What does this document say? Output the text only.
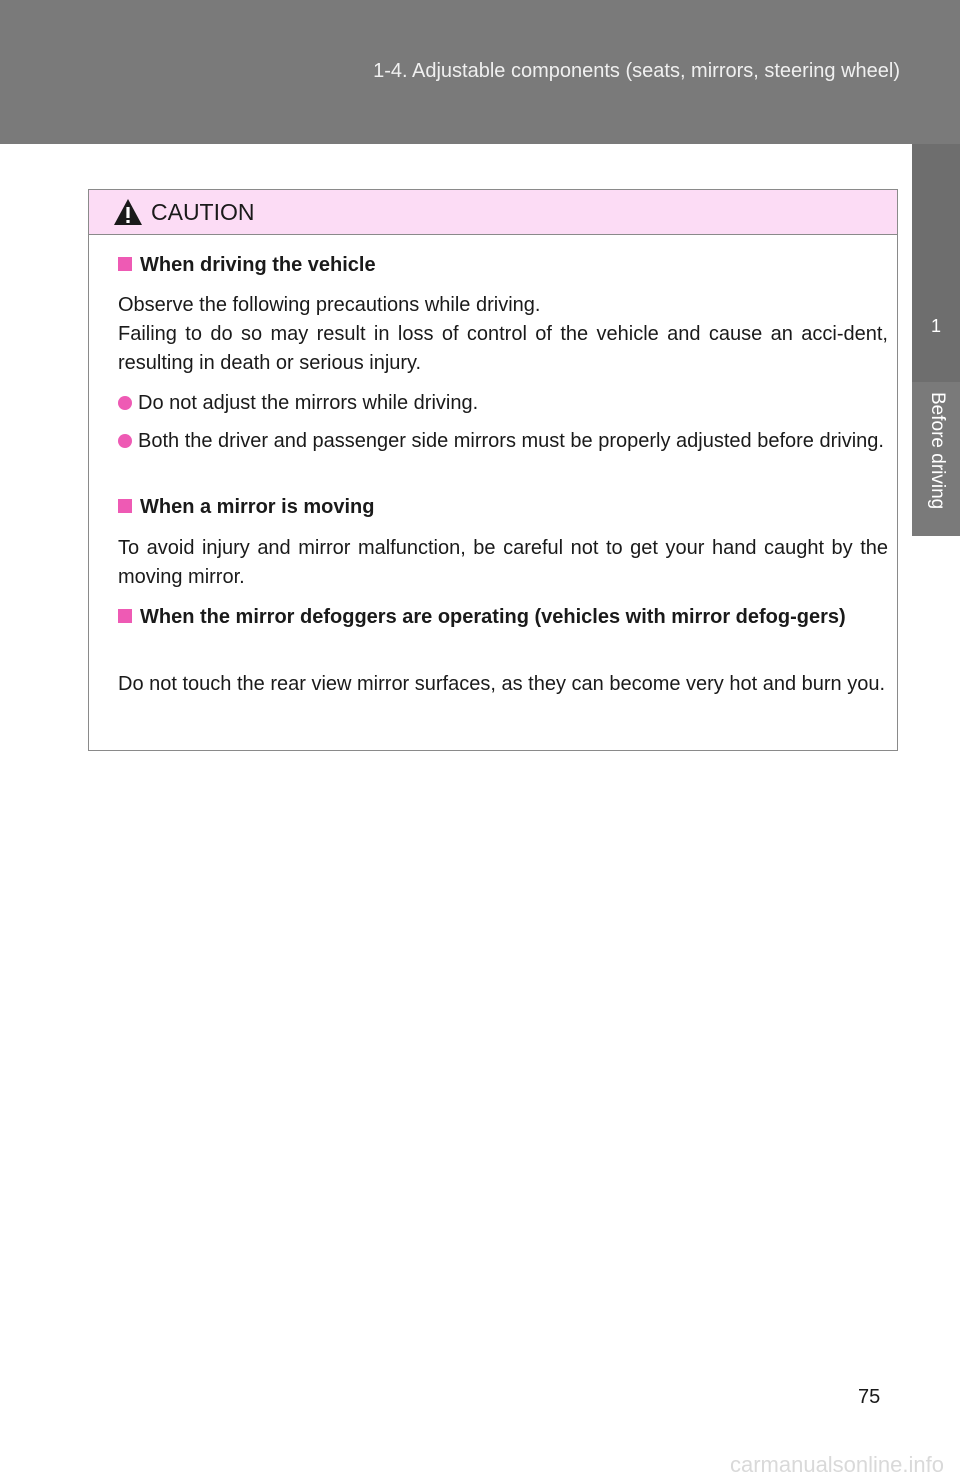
1-4. Adjustable components (seats, mirrors, steering wheel)
1
Before driving
CAUTION
When driving the vehicle
Observe the following precautions while driving.
Failing to do so may result in loss of control of the vehicle and cause an acci-dent, resulting in death or serious injury.
Do not adjust the mirrors while driving.
Both the driver and passenger side mirrors must be properly adjusted before driving.
When a mirror is moving
To avoid injury and mirror malfunction, be careful not to get your hand caught by the moving mirror.
When the mirror defoggers are operating (vehicles with mirror defog-gers)
Do not touch the rear view mirror surfaces, as they can become very hot and burn you.
75
carmanualsonline.info
